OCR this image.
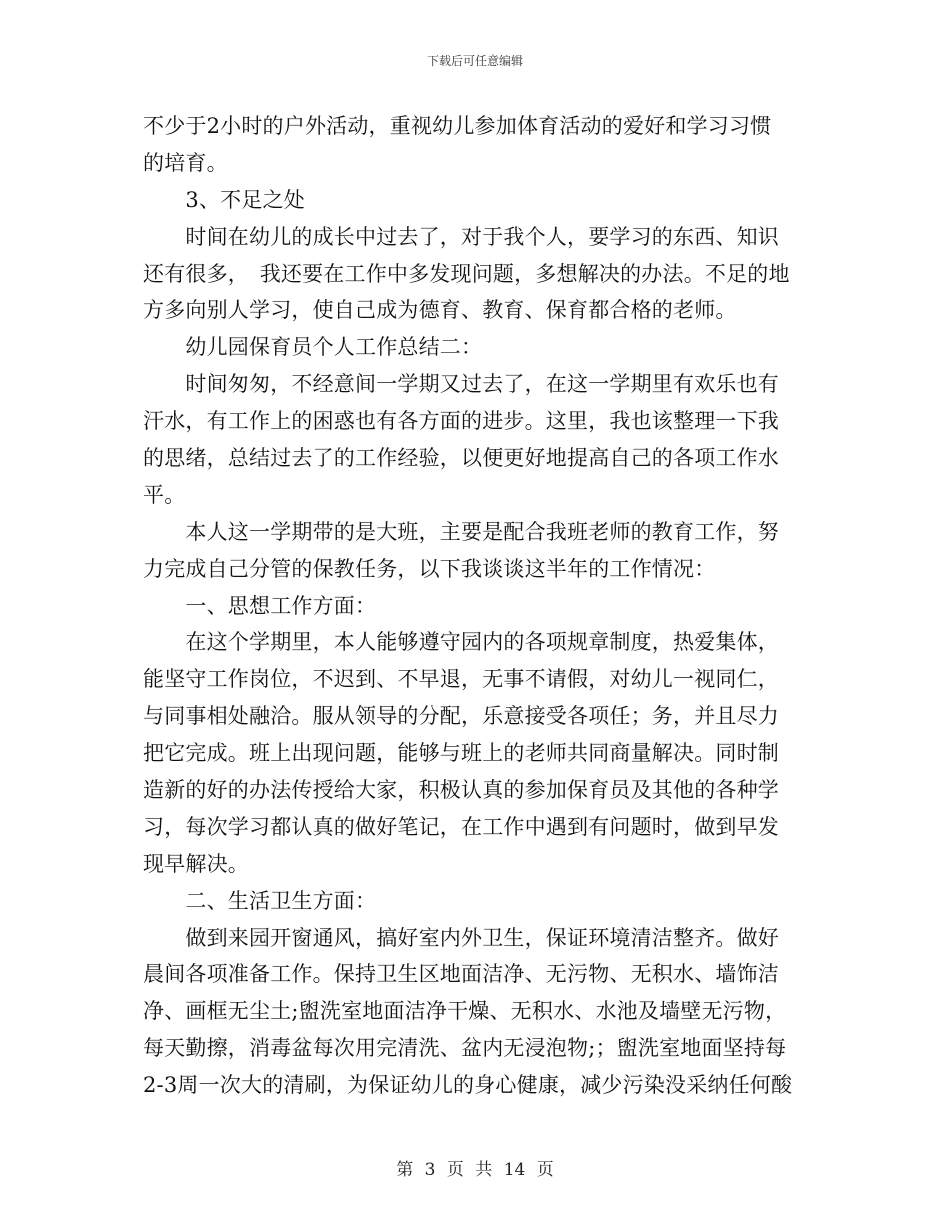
下载后可任意编辑
不少于2小时的户外活动，重视幼儿参加体育活动的爱好和学习习惯
的培育。
　　3、不足之处
　　时间在幼儿的成长中过去了，对于我个人，要学习的东西、知识
还有很多，　我还要在工作中多发现问题，多想解决的办法。不足的地
方多向别人学习，使自己成为德育、教育、保育都合格的老师。
　　幼儿园保育员个人工作总结二：
　　时间匆匆，不经意间一学期又过去了，在这一学期里有欢乐也有
汗水，有工作上的困惑也有各方面的进步。这里，我也该整理一下我
的思绪，总结过去了的工作经验，以便更好地提高自己的各项工作水
平。
　　本人这一学期带的是大班，主要是配合我班老师的教育工作，努
力完成自己分管的保教任务，以下我谈谈这半年的工作情况：
　　一、思想工作方面：
　　在这个学期里，本人能够遵守园内的各项规章制度，热爱集体，
能坚守工作岗位，不迟到、不早退，无事不请假，对幼儿一视同仁，
与同事相处融洽。服从领导的分配，乐意接受各项任；务，并且尽力
把它完成。班上出现问题，能够与班上的老师共同商量解决。同时制
造新的好的办法传授给大家，积极认真的参加保育员及其他的各种学
习，每次学习都认真的做好笔记，在工作中遇到有问题时，做到早发
现早解决。
　　二、生活卫生方面：
　　做到来园开窗通风，搞好室内外卫生，保证环境清洁整齐。做好
晨间各项准备工作。保持卫生区地面洁净、无污物、无积水、墙饰洁
净、画框无尘土;盥洗室地面洁净干燥、无积水、水池及墙壁无污物，
每天勤擦，消毒盆每次用完清洗、盆内无浸泡物;；盥洗室地面坚持每
2-3周一次大的清刷，为保证幼儿的身心健康，减少污染没采纳任何酸
第 3 页 共 14 页
